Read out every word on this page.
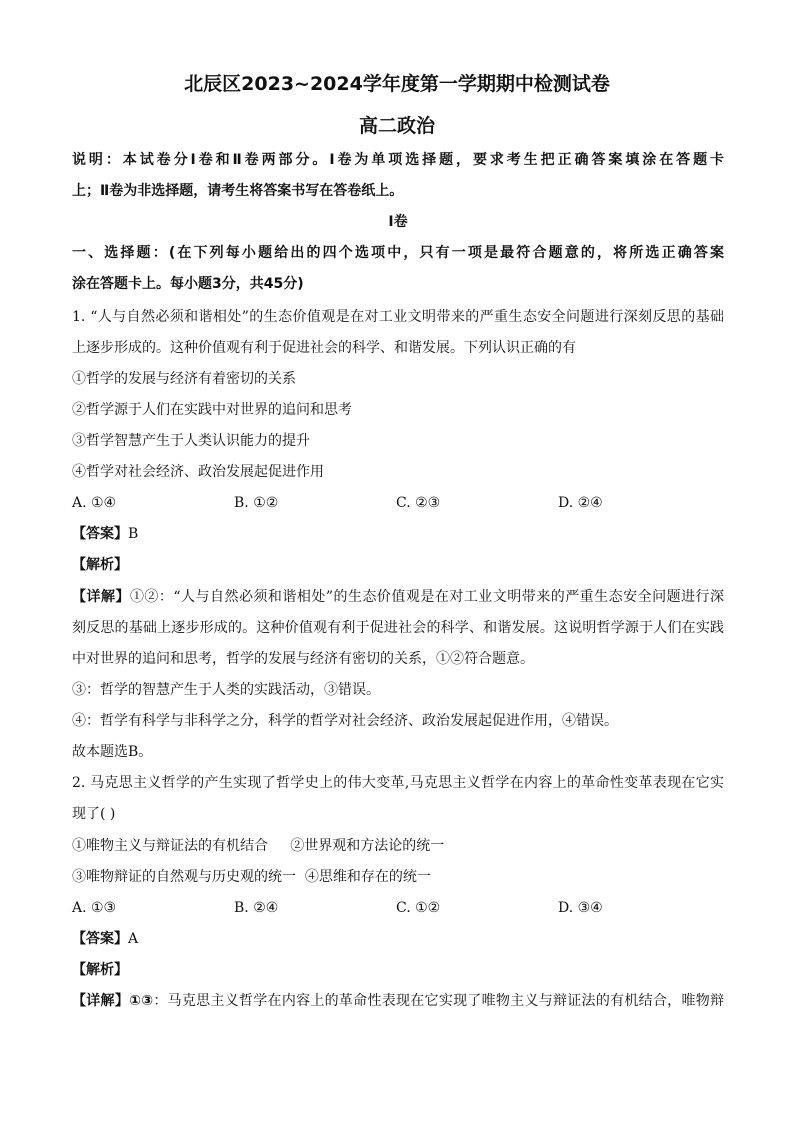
北辰区2023~2024学年度第一学期期中检测试卷
高二政治
说明：本试卷分Ⅰ卷和Ⅱ卷两部分。Ⅰ卷为单项选择题，要求考生把正确答案填涂在答题卡
上；Ⅱ卷为非选择题，请考生将答案书写在答卷纸上。
Ⅰ卷
一、选择题：(在下列每小题给出的四个选项中，只有一项是最符合题意的，将所选正确答案
涂在答题卡上。每小题3分，共45分)
1. “人与自然必须和谐相处”的生态价值观是在对工业文明带来的严重生态安全问题进行深刻反思的基础
上逐步形成的。这种价值观有利于促进社会的科学、和谐发展。下列认识正确的有
①哲学的发展与经济有着密切的关系
②哲学源于人们在实践中对世界的追问和思考
③哲学智慧产生于人类认识能力的提升
④哲学对社会经济、政治发展起促进作用
A. ①④	B. ①②	C. ②③	D. ②④
【答案】B
【解析】
【详解】①②：“人与自然必须和谐相处”的生态价值观是在对工业文明带来的严重生态安全问题进行深
刻反思的基础上逐步形成的。这种价值观有利于促进社会的科学、和谐发展。这说明哲学源于人们在实践
中对世界的追问和思考，哲学的发展与经济有密切的关系，①②符合题意。
③：哲学的智慧产生于人类的实践活动，③错误。
④：哲学有科学与非科学之分，科学的哲学对社会经济、政治发展起促进作用，④错误。
故本题选B。
2. 马克思主义哲学的产生实现了哲学史上的伟大变革,马克思主义哲学在内容上的革命性变革表现在它实
现了( )
①唯物主义与辩证法的有机结合     ②世界观和方法论的统一
③唯物辩证的自然观与历史观的统一  ④思维和存在的统一
A. ①③	B. ②④	C. ①②	D. ③④
【答案】A
【解析】
【详解】①③：马克思主义哲学在内容上的革命性表现在它实现了唯物主义与辩证法的有机结合，唯物辩
